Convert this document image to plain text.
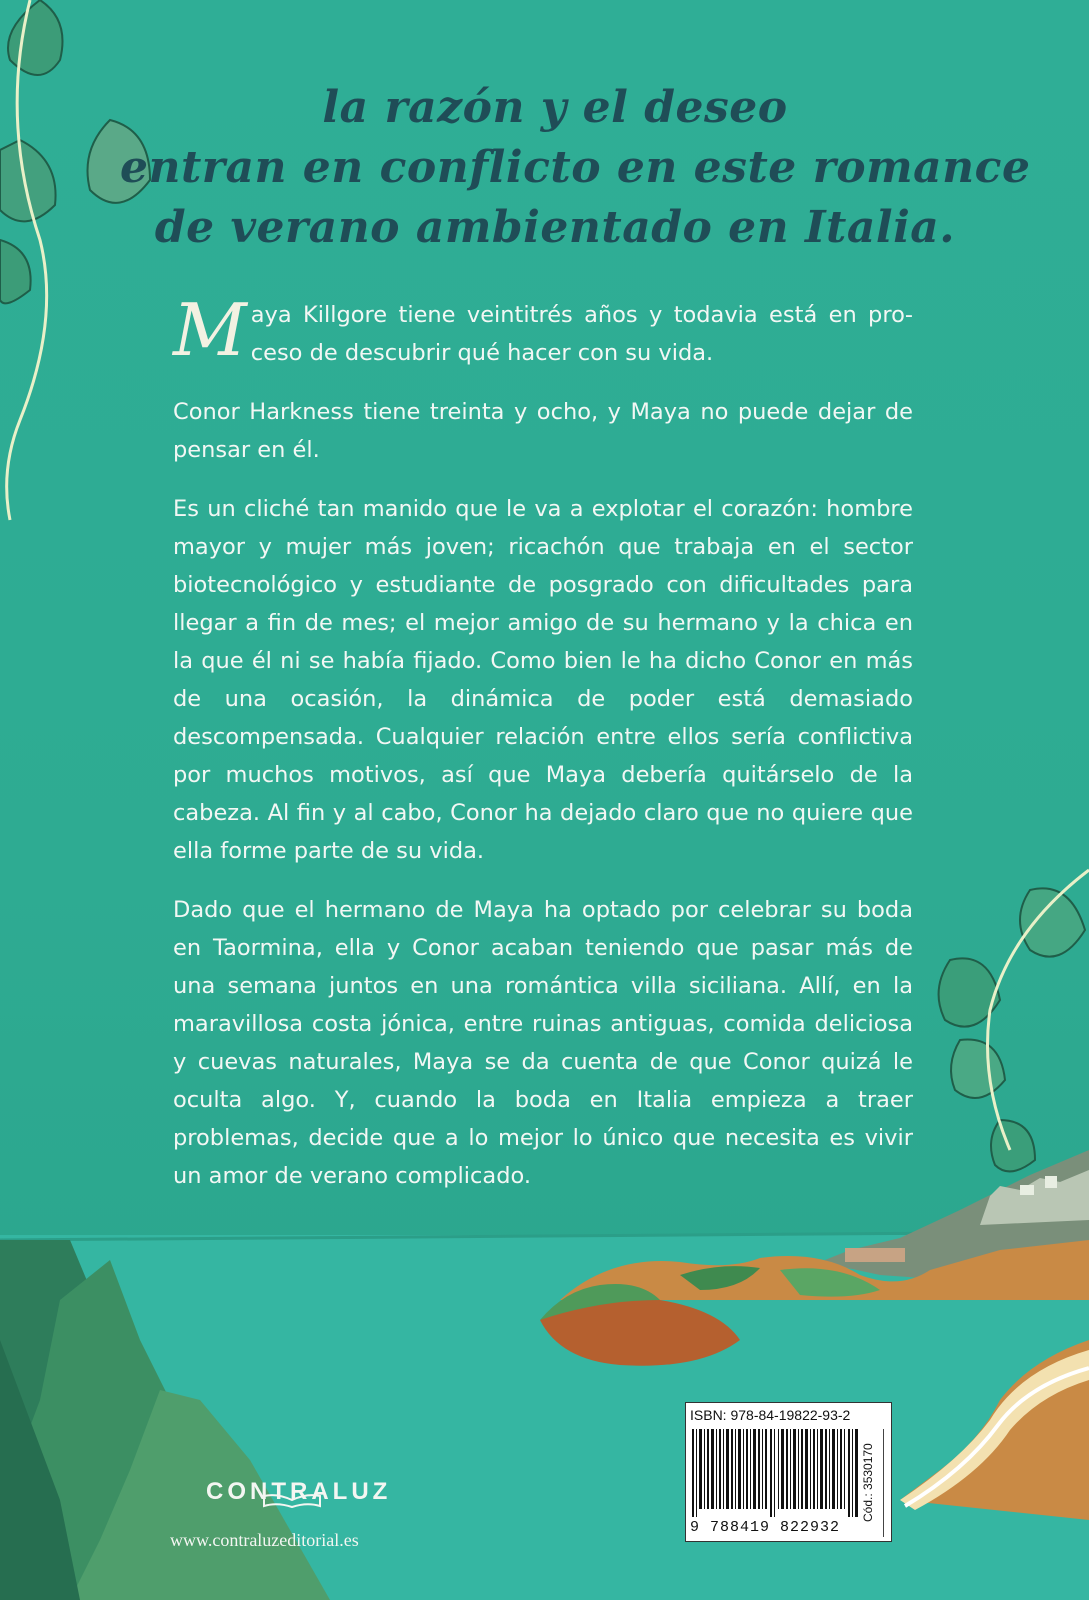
la razón y el deseo
entran en conflicto en este romance
de verano ambientado en Italia.

M aya Killgore tiene veintitrés años y todavia está en proceso de descubrir qué hacer con su vida.

Conor Harkness tiene treinta y ocho, y Maya no puede dejar de pensar en él.

Es un cliché tan manido que le va a explotar el corazón: hombre mayor y mujer más joven; ricachón que trabaja en el sector biotecnológico y estudiante de posgrado con dificultades para llegar a fin de mes; el mejor amigo de su hermano y la chica en la que él ni se había fijado. Como bien le ha dicho Conor en más de una ocasión, la dinámica de poder está demasiado descompensada. Cualquier relación entre ellos sería conflictiva por muchos motivos, así que Maya debería quitárselo de la cabeza. Al fin y al cabo, Conor ha dejado claro que no quiere que ella forme parte de su vida.

Dado que el hermano de Maya ha optado por celebrar su boda en Taormina, ella y Conor acaban teniendo que pasar más de una semana juntos en una romántica villa siciliana. Allí, en la maravillosa costa jónica, entre ruinas antiguas, comida deliciosa y cuevas naturales, Maya se da cuenta de que Conor quizá le oculta algo. Y, cuando la boda en Italia empieza a traer problemas, decide que a lo mejor lo único que necesita es vivir un amor de verano complicado.

CONTRALUZ
www.contraluzeditorial.es
ISBN: 978-84-19822-93-2
9 788419 822932
Cód.: 3530170
